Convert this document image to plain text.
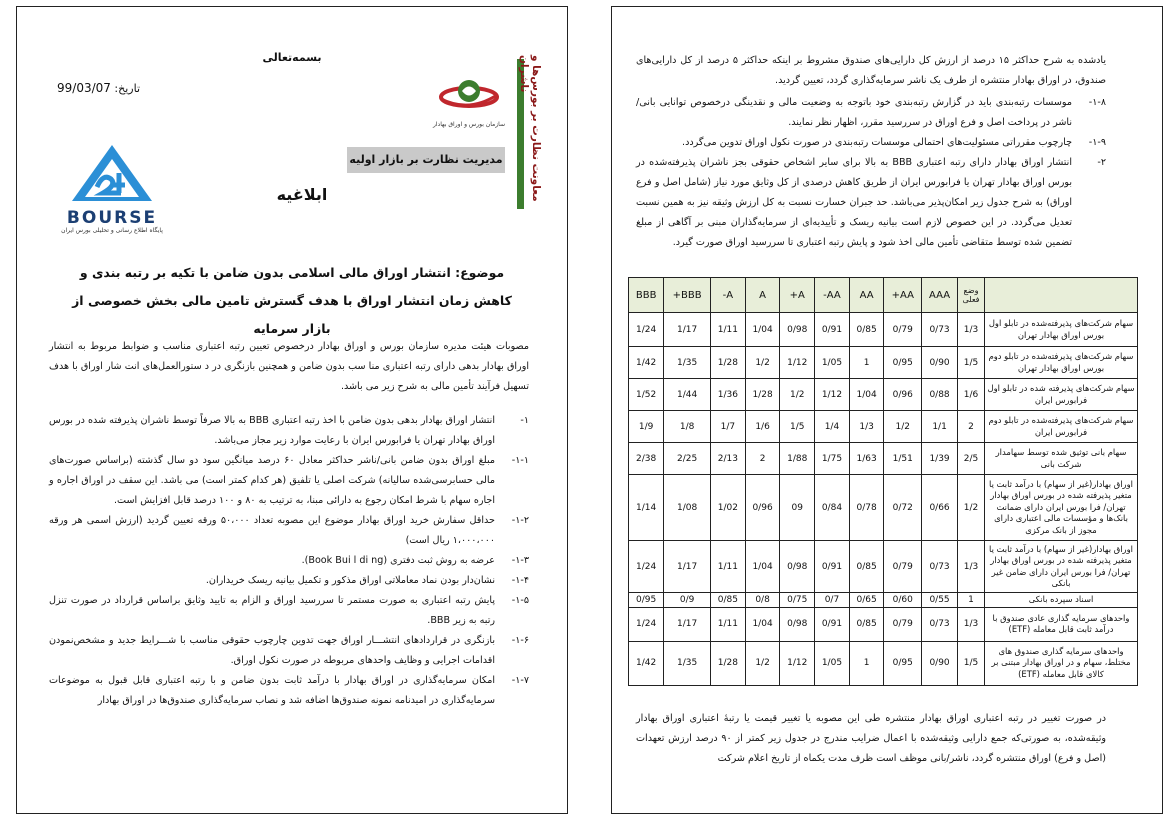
معاونت نظارت بر بورس‌ها و ناشران
بسمه‌تعالی
تاریخ: 99/03/07
سازمان بورس و اوراق بهادار
مدیریت نظارت بر بازار اولیه
ابلاغیه
BOURSE
پایگاه اطلاع رسانی و تحلیلی بورس ایران
موضوع: انتشار اوراق مالی اسلامی بدون ضامن با تکیه بر رتبه بندی و
کاهش زمان انتشار اوراق با هدف گسترش تامین مالی بخش خصوصی از بازار سرمایه

مصوبات هیئت مدیره سازمان بورس و اوراق بهادار درخصوص تعیین رتبه اعتباری مناسب و ضوابط مربوط به انتشار اوراق بهادار بدهی دارای رتبه اعتباری منا سب بدون ضامن و همچنین بازنگری در د ستورالعمل‌های انت شار اوراق با هدف تسهیل فرآیند تأمین مالی به شرح زیر می باشد.

۱-
انتشار اوراق بهادار بدهی بدون ضامن با اخذ رتبه اعتباری BBB به بالا صرفاً توسط ناشران پذیرفته شده در بورس اوراق بهادار تهران یا فرابورس ایران با رعایت موارد زیر مجاز می‌باشد.
۱-۱-
مبلغ اوراق بدون ضامن بانی/ناشر حداکثر معادل ۶۰ درصد میانگین سود دو سال گذشته (براساس صورت‌های مالی حسابرسی‌شده سالیانه) شرکت اصلی یا تلفیق (هر کدام کمتر است) می باشد. این سقف در اوراق اجاره و اجاره سهام با شرط امکان رجوع به دارائی مبنا، به ترتیب به ۸۰ و ۱۰۰ درصد قابل افزایش است.
۱-۲-
حداقل سفارش خرید اوراق بهادار موضوع این مصوبه تعداد ۵۰،۰۰۰ ورقه تعیین گردید (ارزش اسمی هر ورقه ۱،۰۰۰،۰۰۰ ریال است)
۱-۳-
عرضه به روش ثبت دفتری (Book Bui l di ng).
۱-۴-
نشان‌دار بودن نماد معاملاتی اوراق مذکور و تکمیل بیانیه ریسک خریداران.
۱-۵-
پایش رتبه اعتباری به صورت مستمر تا سررسید اوراق و الزام به تایید وثایق براساس قرارداد در صورت تنزل رتبه به زیر BBB.
۱-۶-
بازنگری در قراردادهای انتشـــار اوراق جهت تدوین چارچوب حقوقی مناسب با شـــرایط جدید و مشخص‌نمودن اقدامات اجرایی و وظایف واحدهای مربوطه در صورت نکول اوراق.
۱-۷-
امکان سرمایه‌گذاری در اوراق بهادار با درآمد ثابت بدون ضامن و با رتبه اعتباری قابل قبول به موضوعات سرمایه‌گذاری در امیدنامه نمونه صندوق‌ها اضافه شد و نصاب سرمایه‌گذاری صندوق‌ها در اوراق بهادار

یادشده به شرح حداکثر ۱۵ درصد از ارزش کل دارایی‌های صندوق مشروط بر اینکه حداکثر ۵ درصد از کل دارایی‌های صندوق، در اوراق بهادار منتشره از طرف یک ناشر سرمایه‌گذاری گردد، تعیین گردید.

۱-۸-
موسسات رتبه‌بندی باید در گزارش رتبه‌بندی خود باتوجه به وضعیت مالی و نقدینگی درخصوص توانایی بانی/ناشر در پرداخت اصل و فرع اوراق در سررسید مقرر، اظهار نظر نمایند.
۱-۹-
چارچوب مقرراتی مسئولیت‌های احتمالی موسسات رتبه‌بندی در صورت نکول اوراق تدوین می‌گردد.
۲-
انتشار اوراق بهادار دارای رتبه اعتباری BBB به بالا برای سایر اشخاص حقوقی بجز ناشران پذیرفته‌شده در بورس اوراق بهادار تهران یا فرابورس ایران از طریق کاهش درصدی از کل وثایق مورد نیاز (شامل اصل و فرع اوراق) به شرح جدول زیر امکان‌پذیر می‌باشد. حد جبران خسارت نسبت به کل ارزش وثیقه نیز به همین نسبت تعدیل می‌گردد. در این خصوص لازم است بیانیه ریسک و تأییدیه‌ای از سرمایه‌گذاران مبنی بر آگاهی از مبلغ تضمین شده توسط متقاضی تأمین مالی اخذ شود و پایش رتبه اعتباری تا سررسید اوراق صورت گیرد.
	وضع فعلی	AAA	AA+	AA	AA-	A+	A	A-	BBB+	BBB
سهام شرکت‌های پذیرفته‌شده در تابلو اول بورس اوراق بهادار تهران	1/3	0/73	0/79	0/85	0/91	0/98	1/04	1/11	1/17	1/24
سهام شرکت‌های پذیرفته‌شده در تابلو دوم بورس اوراق بهادار تهران	1/5	0/90	0/95	1	1/05	1/12	1/2	1/28	1/35	1/42
سهام شرکت‌های پذیرفته شده در تابلو اول فرابورس ایران	1/6	0/88	0/96	1/04	1/12	1/2	1/28	1/36	1/44	1/52
سهام شرکت‌های پذیرفته‌شده در تابلو دوم فرابورس ایران	2	1/1	1/2	1/3	1/4	1/5	1/6	1/7	1/8	1/9
سهام بانی توثیق شده توسط سهامدار شرکت بانی	2/5	1/39	1/51	1/63	1/75	1/88	2	2/13	2/25	2/38
اوراق بهادار(غیر از سهام) با درآمد ثابت یا متغیر پذیرفته شده در بورس اوراق بهادار تهران/ فرا بورس ایران دارای ضمانت بانک‌ها و مؤسسات مالی اعتباری دارای مجوز از بانک مرکزی	1/2	0/66	0/72	0/78	0/84	09	0/96	1/02	1/08	1/14
اوراق بهادار(غیر از سهام) با درآمد ثابت یا متغیر پذیرفته شده در بورس اوراق بهادار تهران/ فرا بورس ایران دارای ضامن غیر بانکی	1/3	0/73	0/79	0/85	0/91	0/98	1/04	1/11	1/17	1/24
اسناد سپرده بانکی	1	0/55	0/60	0/65	0/7	0/75	0/8	0/85	0/9	0/95
واحدهای سرمایه گذاری عادی صندوق با درآمد ثابت قابل معامله (ETF)	1/3	0/73	0/79	0/85	0/91	0/98	1/04	1/11	1/17	1/24
واحدهای سرمایه گذاری صندوق های مختلط، سهام و در اوراق بهادار مبتنی بر کالای قابل معامله (ETF)	1/5	0/90	0/95	1	1/05	1/12	1/2	1/28	1/35	1/42

در صورت تغییر در رتبه اعتباری اوراق بهادار منتشره طی این مصوبه یا تغییر قیمت یا رتبهٔ اعتباری اوراق بهادار وثیقه‌شده، به صورتی‌که جمع دارایی وثیقه‌شده با اعمال ضرایب مندرج در جدول زیر کمتر از ۹۰ درصد ارزش تعهدات (اصل و فرع) اوراق منتشره گردد، ناشر/بانی موظف است ظرف مدت یکماه از تاریخ اعلام شرکت
